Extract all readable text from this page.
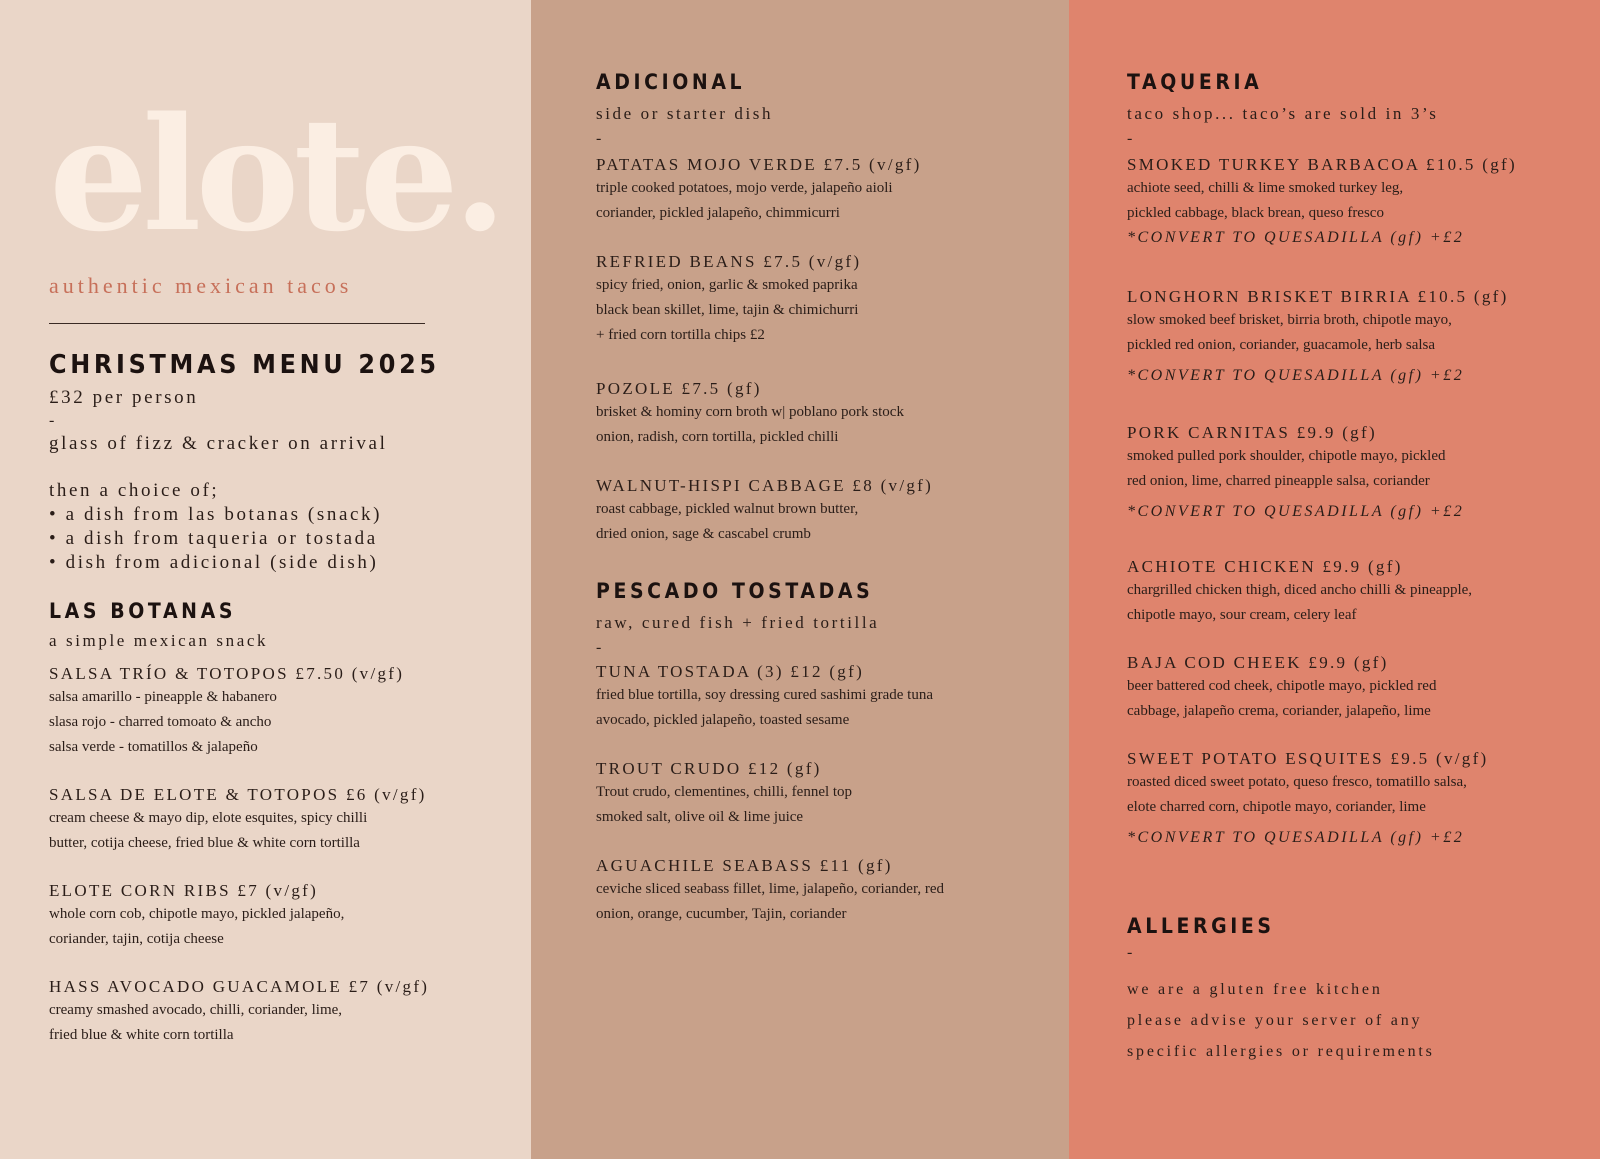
elote.
authentic mexican tacos
CHRISTMAS MENU 2025
£32 per person
-
glass of fizz & cracker on arrival
then a choice of;
• a dish from las botanas (snack)
• a dish from taqueria or tostada
• dish from adicional (side dish)
LAS BOTANAS
a simple mexican snack
SALSA TRÍO & TOTOPOS £7.50 (v/gf)
salsa amarillo - pineapple & habanero
slasa rojo - charred tomoato & ancho
salsa verde - tomatillos & jalapeño
SALSA DE ELOTE & TOTOPOS £6 (v/gf)
cream cheese & mayo dip, elote esquites, spicy chilli
butter, cotija cheese, fried blue & white corn tortilla
ELOTE CORN RIBS £7 (v/gf)
whole corn cob, chipotle mayo, pickled jalapeño,
coriander, tajin, cotija cheese
HASS AVOCADO GUACAMOLE £7 (v/gf)
creamy smashed avocado, chilli, coriander, lime,
fried blue & white corn tortilla
ADICIONAL
side or starter dish
-
PATATAS MOJO VERDE £7.5 (v/gf)
triple cooked potatoes, mojo verde, jalapeño aioli
coriander, pickled jalapeño, chimmicurri
REFRIED BEANS £7.5 (v/gf)
spicy fried, onion, garlic & smoked paprika
black bean skillet, lime, tajin & chimichurri
+ fried corn tortilla chips £2
POZOLE £7.5 (gf)
brisket & hominy corn broth w| poblano pork stock
onion, radish, corn tortilla, pickled chilli
WALNUT-HISPI CABBAGE £8 (v/gf)
roast cabbage, pickled walnut brown butter,
dried onion, sage & cascabel crumb
PESCADO TOSTADAS
raw, cured fish + fried tortilla
-
TUNA TOSTADA (3) £12 (gf)
fried blue tortilla, soy dressing cured sashimi grade tuna
avocado, pickled jalapeño, toasted sesame
TROUT CRUDO £12 (gf)
Trout crudo, clementines, chilli, fennel top
smoked salt, olive oil & lime juice
AGUACHILE SEABASS £11 (gf)
ceviche sliced seabass fillet, lime, jalapeño, coriander, red
onion, orange, cucumber, Tajin, coriander
TAQUERIA
taco shop... taco’s are sold in 3’s
-
SMOKED TURKEY BARBACOA £10.5 (gf)
achiote seed, chilli & lime smoked turkey leg,
pickled cabbage, black brean, queso fresco
*CONVERT TO QUESADILLA (gf) +£2
LONGHORN BRISKET BIRRIA £10.5 (gf)
slow smoked beef brisket, birria broth, chipotle mayo,
pickled red onion, coriander, guacamole, herb salsa
*CONVERT TO QUESADILLA (gf) +£2
PORK CARNITAS £9.9 (gf)
smoked pulled pork shoulder, chipotle mayo, pickled
red onion, lime, charred pineapple salsa, coriander
*CONVERT TO QUESADILLA (gf) +£2
ACHIOTE CHICKEN £9.9 (gf)
chargrilled chicken thigh, diced ancho chilli & pineapple,
chipotle mayo, sour cream, celery leaf
BAJA COD CHEEK £9.9 (gf)
beer battered cod cheek, chipotle mayo, pickled red
cabbage, jalapeño crema, coriander, jalapeño, lime
SWEET POTATO ESQUITES £9.5 (v/gf)
roasted diced sweet potato, queso fresco, tomatillo salsa,
elote charred corn, chipotle mayo, coriander, lime
*CONVERT TO QUESADILLA (gf) +£2
ALLERGIES
-
we are a gluten free kitchen
please advise your server of any
specific allergies or requirements
